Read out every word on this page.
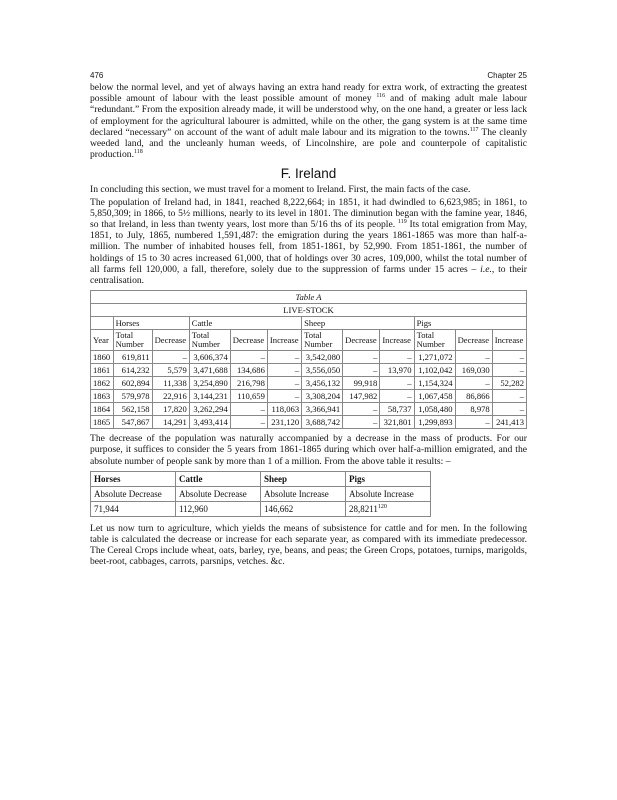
476	Chapter 25

below the normal level, and yet of always having an extra hand ready for extra work, of extracting the greatest possible amount of labour with the least possible amount of money $^{116}$ and of making adult male labour “redundant.” From the exposition already made, it will be understood why, on the one hand, a greater or less lack of employment for the agricultural labourer is admitted, while on the other, the gang system is at the same time declared “necessary” on account of the want of adult male labour and its migration to the towns.$^{117}$ The cleanly weeded land, and the uncleanly human weeds, of Lincolnshire, are pole and counterpole of capitalistic production.$^{118}$

F. Ireland

In concluding this section, we must travel for a moment to Ireland. First, the main facts of the case.

The population of Ireland had, in 1841, reached 8,222,664; in 1851, it had dwindled to 6,623,985; in 1861, to 5,850,309; in 1866, to 5½ millions, nearly to its level in 1801. The diminution began with the famine year, 1846, so that Ireland, in less than twenty years, lost more than 5/16 ths of its people. $^{119}$ Its total emigration from May, 1851, to July, 1865, numbered 1,591,487: the emigration during the years 1861-1865 was more than half-a-million. The number of inhabited houses fell, from 1851-1861, by 52,990. From 1851-1861, the number of holdings of 15 to 30 acres increased 61,000, that of holdings over 30 acres, 109,000, whilst the total number of all farms fell 120,000, a fall, therefore, solely due to the suppression of farms under 15 acres – i.e., to their centralisation.

Table A											
LIVE-STOCK											
	Horses		Cattle			Sheep			Pigs		
Year	Total Number	Decrease	Total Number	Decrease	Increase	Total Number	Decrease	Increase	Total Number	Decrease	Increase
1860	619,811	–	3,606,374	–	–	3,542,080	–	–	1,271,072	–	–
1861	614,232	5,579	3,471,688	134,686	–	3,556,050	–	13,970	1,102,042	169,030	–
1862	602,894	11,338	3,254,890	216,798	–	3,456,132	99,918	–	1,154,324	–	52,282
1863	579,978	22,916	3,144,231	110,659	–	3,308,204	147,982	–	1,067,458	86,866	–
1864	562,158	17,820	3,262,294	–	118,063	3,366,941	–	58,737	1,058,480	8,978	–
1865	547,867	14,291	3,493,414	–	231,120	3,688,742	–	321,801	1,299,893	–	241,413

The decrease of the population was naturally accompanied by a decrease in the mass of products. For our purpose, it suffices to consider the 5 years from 1861-1865 during which over half-a-million emigrated, and the absolute number of people sank by more than 1 of a million. From the above table it results: –

Horses	Cattle	Sheep	Pigs
Absolute Decrease	Absolute Decrease	Absolute Increase	Absolute Increase
71,944	112,960	146,662	28,8211$^{120}$

Let us now turn to agriculture, which yields the means of subsistence for cattle and for men. In the following table is calculated the decrease or increase for each separate year, as compared with its immediate predecessor. The Cereal Crops include wheat, oats, barley, rye, beans, and peas; the Green Crops, potatoes, turnips, marigolds, beet-root, cabbages, carrots, parsnips, vetches. &c.
